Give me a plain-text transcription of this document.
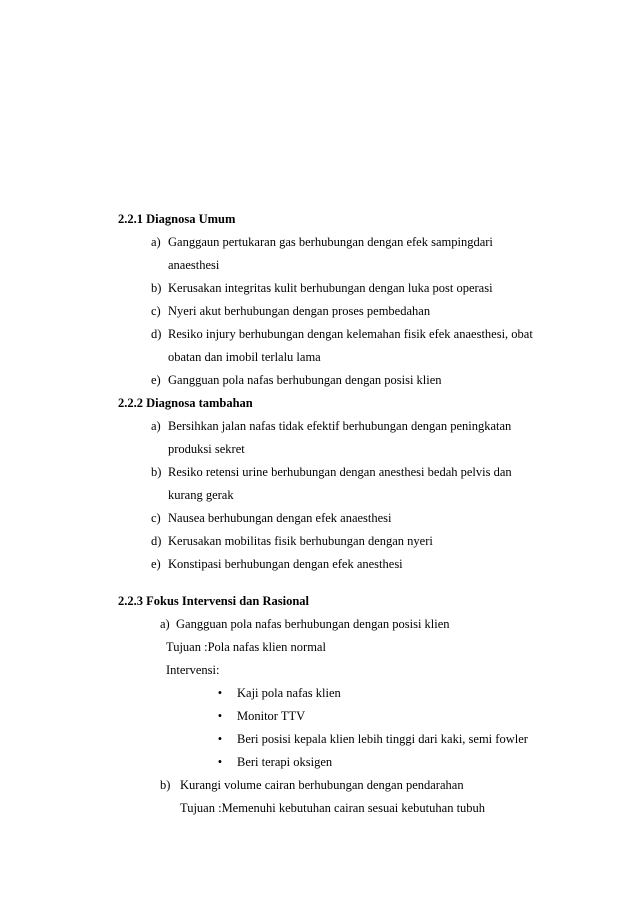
2.2.1 Diagnosa Umum
a) Ganggaun pertukaran gas berhubungan dengan efek sampingdari
anaesthesi
b) Kerusakan integritas kulit berhubungan dengan luka post operasi
c) Nyeri akut berhubungan dengan proses pembedahan
d) Resiko injury berhubungan dengan kelemahan fisik efek anaesthesi, obat
obatan dan imobil terlalu lama
e) Gangguan pola nafas berhubungan dengan posisi klien
2.2.2 Diagnosa tambahan
a) Bersihkan jalan nafas tidak efektif berhubungan dengan peningkatan
produksi sekret
b) Resiko retensi urine berhubungan dengan anesthesi bedah pelvis dan
kurang gerak
c) Nausea berhubungan dengan efek anaesthesi
d) Kerusakan mobilitas fisik berhubungan dengan nyeri
e) Konstipasi berhubungan dengan efek anesthesi
2.2.3 Fokus Intervensi dan Rasional
a) Gangguan pola nafas berhubungan dengan posisi klien
Tujuan :Pola nafas klien normal
Intervensi:
•	Kaji pola nafas klien
•	Monitor TTV
•	Beri posisi kepala klien lebih tinggi dari kaki, semi fowler
•	Beri terapi oksigen
b) Kurangi volume cairan berhubungan dengan pendarahan
Tujuan :Memenuhi kebutuhan cairan sesuai kebutuhan tubuh
